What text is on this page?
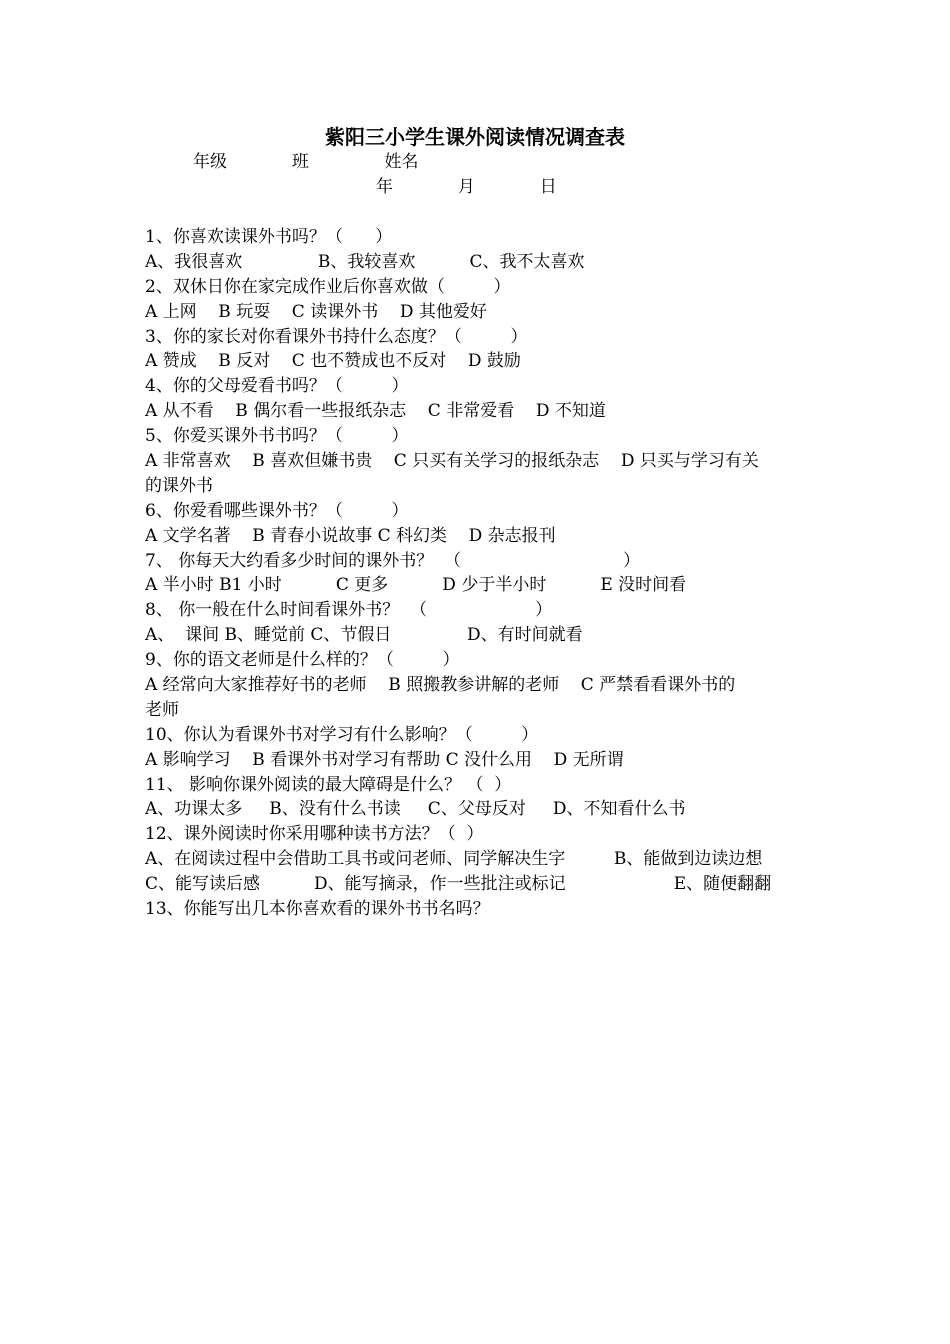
紫阳三小学生课外阅读情况调查表
年级            班              姓名
年            月            日
1、你喜欢读课外书吗？（      ）
A、我很喜欢              B、我较喜欢          C、我不太喜欢
2、双休日你在家完成作业后你喜欢做（         ）
A 上网    B 玩耍    C 读课外书    D 其他爱好
3、你的家长对你看课外书持什么态度？（         ）
A 赞成    B 反对    C 也不赞成也不反对    D 鼓励
4、你的父母爱看书吗？（         ）
A 从不看    B 偶尔看一些报纸杂志    C 非常爱看    D 不知道
5、你爱买课外书书吗？（         ）
A 非常喜欢    B 喜欢但嫌书贵    C 只买有关学习的报纸杂志    D 只买与学习有关
的课外书
6、你爱看哪些课外书？（         ）
A 文学名著    B 青春小说故事 C 科幻类    D 杂志报刊
7、 你每天大约看多少时间的课外书？  （                              ）
A 半小时 B1 小时          C 更多          D 少于半小时          E 没时间看
8、 你一般在什么时间看课外书？  （                    ）
A、  课间 B、睡觉前 C、节假日              D、有时间就看
9、你的语文老师是什么样的？（         ）
A 经常向大家推荐好书的老师    B 照搬教参讲解的老师    C 严禁看看课外书的
老师
10、你认为看课外书对学习有什么影响？（         ）
A 影响学习    B 看课外书对学习有帮助 C 没什么用    D 无所谓
11、 影响你课外阅读的最大障碍是什么？ （  ）
A、功课太多     B、没有什么书读     C、父母反对     D、不知看什么书
12、课外阅读时你采用哪种读书方法？（  ）
A、在阅读过程中会借助工具书或问老师、同学解决生字         B、能做到边读边想
C、能写读后感          D、能写摘录，作一些批注或标记                    E、随便翻翻
13、你能写出几本你喜欢看的课外书书名吗？
